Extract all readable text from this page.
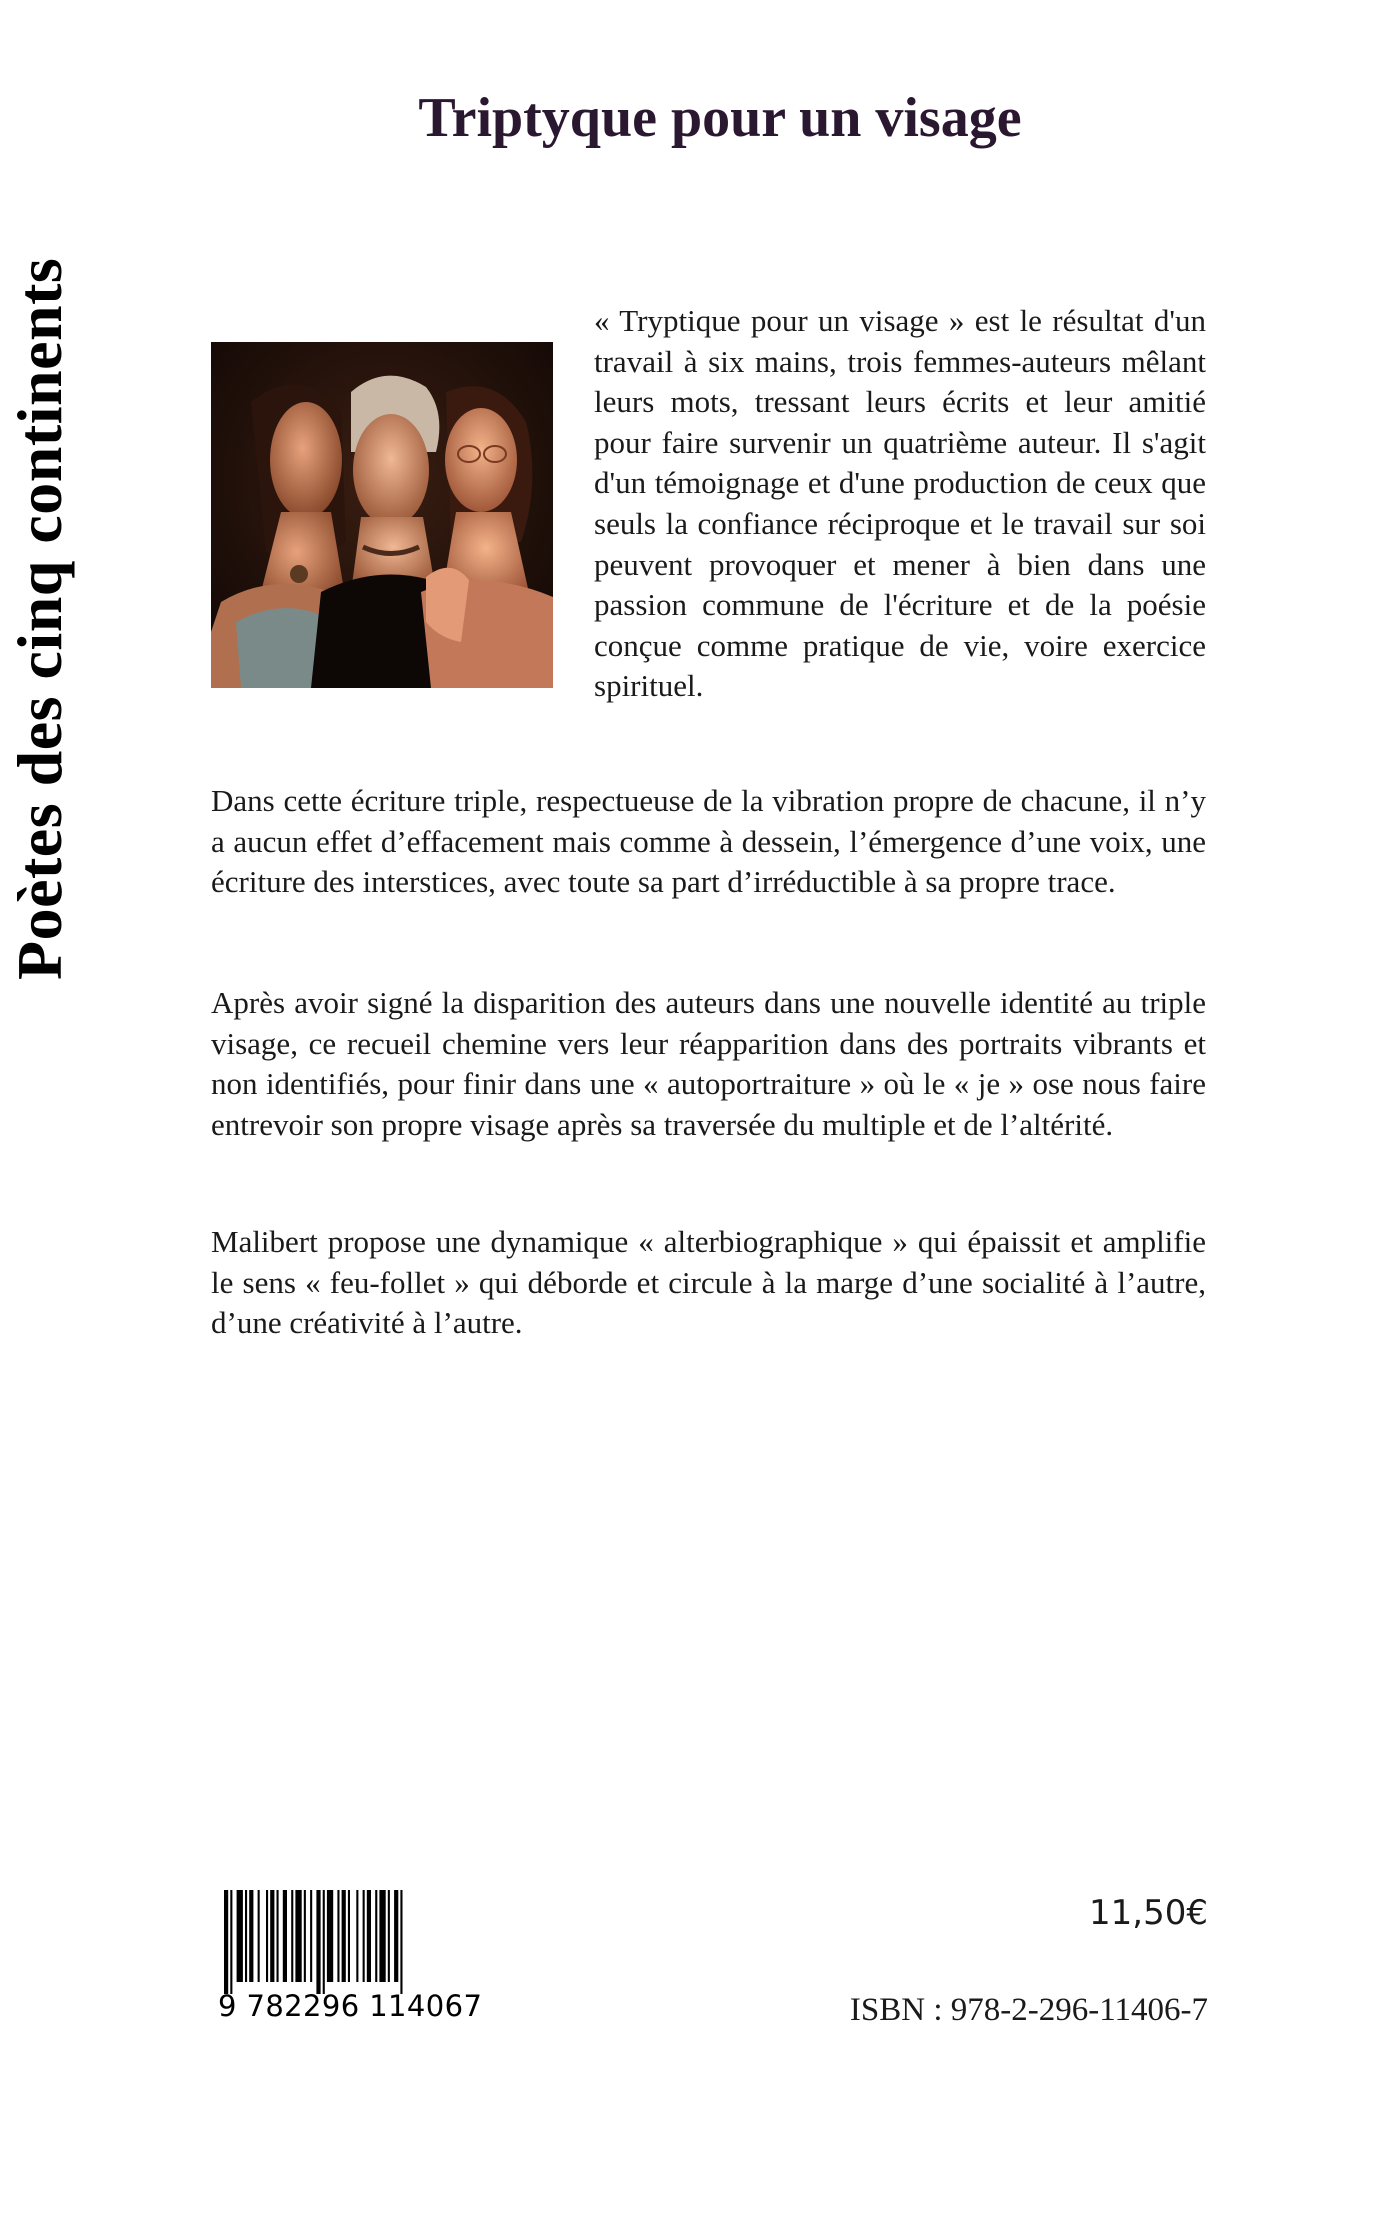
Poètes des cinq continents
Triptyque pour un visage

« Tryptique pour un visage » est le résultat d'un travail à six mains, trois femmes-auteurs mêlant leurs mots, tressant leurs écrits et leur amitié pour faire survenir un quatrième auteur. Il s'agit d'un témoignage et d'une production de ceux que seuls la confiance réciproque et le travail sur soi peuvent provoquer et mener à bien dans une passion commune de l'écriture et de la poésie conçue comme pratique de vie, voire exercice spirituel.

Dans cette écriture triple, respectueuse de la vibration propre de chacune, il n’y a aucun effet d’effacement mais comme à dessein, l’émergence d’une voix, une écriture des interstices, avec toute sa part d’irréductible à sa propre trace.

Après avoir signé la disparition des auteurs dans une nouvelle identité au triple visage, ce recueil chemine vers leur réapparition dans des portraits vibrants et non identifiés, pour finir dans une « autoportraiture » où le « je » ose nous faire entrevoir son propre visage après sa traversée du multiple et de l’altérité.

Malibert propose une dynamique « alterbiographique » qui épaissit et amplifie le sens « feu-follet » qui déborde et circule à la marge d’une socialité à l’autre, d’une créativité à l’autre.

9 782296 114067

11,50€

ISBN : 978-2-296-11406-7
